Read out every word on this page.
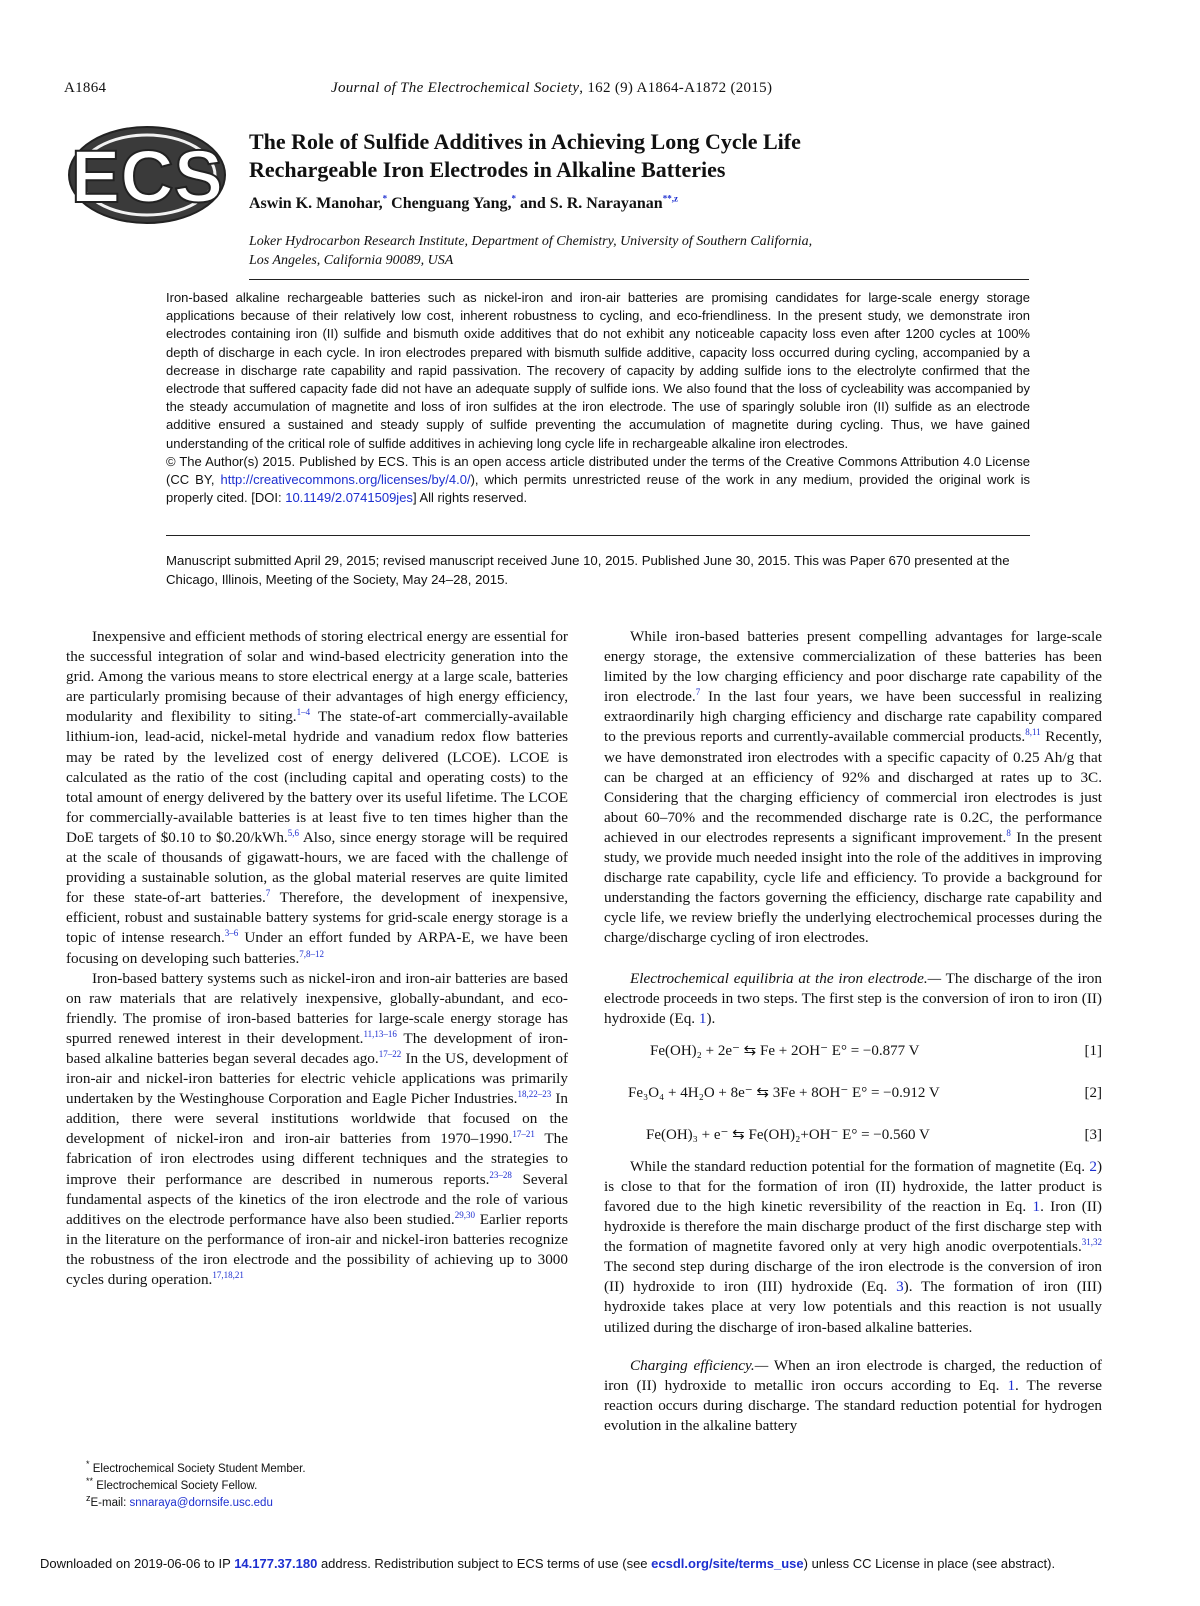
A1864	Journal of The Electrochemical Society, 162 (9) A1864-A1872 (2015)
ECS The Role of Sulfide Additives in Achieving Long Cycle Life
Rechargeable Iron Electrodes in Alkaline Batteries
Aswin K. Manohar,* Chenguang Yang,* and S. R. Narayanan$^{**,z}$
Loker Hydrocarbon Research Institute, Department of Chemistry, University of Southern California,
Los Angeles, California 90089, USA
Iron-based alkaline rechargeable batteries such as nickel-iron and iron-air batteries are promising candidates for large-scale energy storage applications because of their relatively low cost, inherent robustness to cycling, and eco-friendliness. In the present study, we demonstrate iron electrodes containing iron (II) sulfide and bismuth oxide additives that do not exhibit any noticeable capacity loss even after 1200 cycles at 100% depth of discharge in each cycle. In iron electrodes prepared with bismuth sulfide additive, capacity loss occurred during cycling, accompanied by a decrease in discharge rate capability and rapid passivation. The recovery of capacity by adding sulfide ions to the electrolyte confirmed that the electrode that suffered capacity fade did not have an adequate supply of sulfide ions. We also found that the loss of cycleability was accompanied by the steady accumulation of magnetite and loss of iron sulfides at the iron electrode. The use of sparingly soluble iron (II) sulfide as an electrode additive ensured a sustained and steady supply of sulfide preventing the accumulation of magnetite during cycling. Thus, we have gained understanding of the critical role of sulfide additives in achieving long cycle life in rechargeable alkaline iron electrodes.
© The Author(s) 2015. Published by ECS. This is an open access article distributed under the terms of the Creative Commons Attribution 4.0 License (CC BY, http://creativecommons.org/licenses/by/4.0/), which permits unrestricted reuse of the work in any medium, provided the original work is properly cited. [DOI: 10.1149/2.0741509jes] All rights reserved.
Manuscript submitted April 29, 2015; revised manuscript received June 10, 2015. Published June 30, 2015. This was Paper 670 presented at the Chicago, Illinois, Meeting of the Society, May 24–28, 2015.

Inexpensive and efficient methods of storing electrical energy are essential for the successful integration of solar and wind-based electricity generation into the grid. Among the various means to store electrical energy at a large scale, batteries are particularly promising because of their advantages of high energy efficiency, modularity and flexibility to siting.$^{1-4}$ The state-of-art commercially-available lithium-ion, lead-acid, nickel-metal hydride and vanadium redox flow batteries may be rated by the levelized cost of energy delivered (LCOE). LCOE is calculated as the ratio of the cost (including capital and operating costs) to the total amount of energy delivered by the battery over its useful lifetime. The LCOE for commercially-available batteries is at least five to ten times higher than the DoE targets of $0.10 to $0.20/kWh.$^{5,6}$ Also, since energy storage will be required at the scale of thousands of gigawatt-hours, we are faced with the challenge of providing a sustainable solution, as the global material reserves are quite limited for these state-of-art batteries.$^7$ Therefore, the development of inexpensive, efficient, robust and sustainable battery systems for grid-scale energy storage is a topic of intense research.$^{3-6}$ Under an effort funded by ARPA-E, we have been focusing on developing such batteries.$^{7,8-12}$

Iron-based battery systems such as nickel-iron and iron-air batteries are based on raw materials that are relatively inexpensive, globally-abundant, and eco-friendly. The promise of iron-based batteries for large-scale energy storage has spurred renewed interest in their development.$^{11,13-16}$ The development of iron-based alkaline batteries began several decades ago.$^{17-22}$ In the US, development of iron-air and nickel-iron batteries for electric vehicle applications was primarily undertaken by the Westinghouse Corporation and Eagle Picher Industries.$^{18,22-23}$ In addition, there were several institutions worldwide that focused on the development of nickel-iron and iron-air batteries from 1970–1990.$^{17-21}$ The fabrication of iron electrodes using different techniques and the strategies to improve their performance are described in numerous reports.$^{23-28}$ Several fundamental aspects of the kinetics of the iron electrode and the role of various additives on the electrode performance have also been studied.$^{29,30}$ Earlier reports in the literature on the performance of iron-air and nickel-iron batteries recognize the robustness of the iron electrode and the possibility of achieving up to 3000 cycles during operation.$^{17,18,21}$

* Electrochemical Society Student Member.
** Electrochemical Society Fellow.
$^z$E-mail: snnaraya@dornsife.usc.edu

While iron-based batteries present compelling advantages for large-scale energy storage, the extensive commercialization of these batteries has been limited by the low charging efficiency and poor discharge rate capability of the iron electrode.$^7$ In the last four years, we have been successful in realizing extraordinarily high charging efficiency and discharge rate capability compared to the previous reports and currently-available commercial products.$^{8,11}$ Recently, we have demonstrated iron electrodes with a specific capacity of 0.25 Ah/g that can be charged at an efficiency of 92% and discharged at rates up to 3C. Considering that the charging efficiency of commercial iron electrodes is just about 60–70% and the recommended discharge rate is 0.2C, the performance achieved in our electrodes represents a significant improvement.$^8$ In the present study, we provide much needed insight into the role of the additives in improving discharge rate capability, cycle life and efficiency. To provide a background for understanding the factors governing the efficiency, discharge rate capability and cycle life, we review briefly the underlying electrochemical processes during the charge/discharge cycling of iron electrodes.

Electrochemical equilibria at the iron electrode.— The discharge of the iron electrode proceeds in two steps. The first step is the conversion of iron to iron (II) hydroxide (Eq. 1).

Fe(OH)₂ + 2e⁻ ⇆ Fe + 2OH⁻ E° = −0.877 V	[1]
Fe₃O₄ + 4H₂O + 8e⁻ ⇆ 3Fe + 8OH⁻ E° = −0.912 V	[2]
Fe(OH)₃ + e⁻ ⇆ Fe(OH)₂+OH⁻ E° = −0.560 V	[3]

While the standard reduction potential for the formation of magnetite (Eq. 2) is close to that for the formation of iron (II) hydroxide, the latter product is favored due to the high kinetic reversibility of the reaction in Eq. 1. Iron (II) hydroxide is therefore the main discharge product of the first discharge step with the formation of magnetite favored only at very high anodic overpotentials.$^{31,32}$ The second step during discharge of the iron electrode is the conversion of iron (II) hydroxide to iron (III) hydroxide (Eq. 3). The formation of iron (III) hydroxide takes place at very low potentials and this reaction is not usually utilized during the discharge of iron-based alkaline batteries.

Charging efficiency.— When an iron electrode is charged, the reduction of iron (II) hydroxide to metallic iron occurs according to Eq. 1. The reverse reaction occurs during discharge. The standard reduction potential for hydrogen evolution in the alkaline battery

Downloaded on 2019-06-06 to IP 14.177.37.180 address. Redistribution subject to ECS terms of use (see ecsdl.org/site/terms_use) unless CC License in place (see abstract).
